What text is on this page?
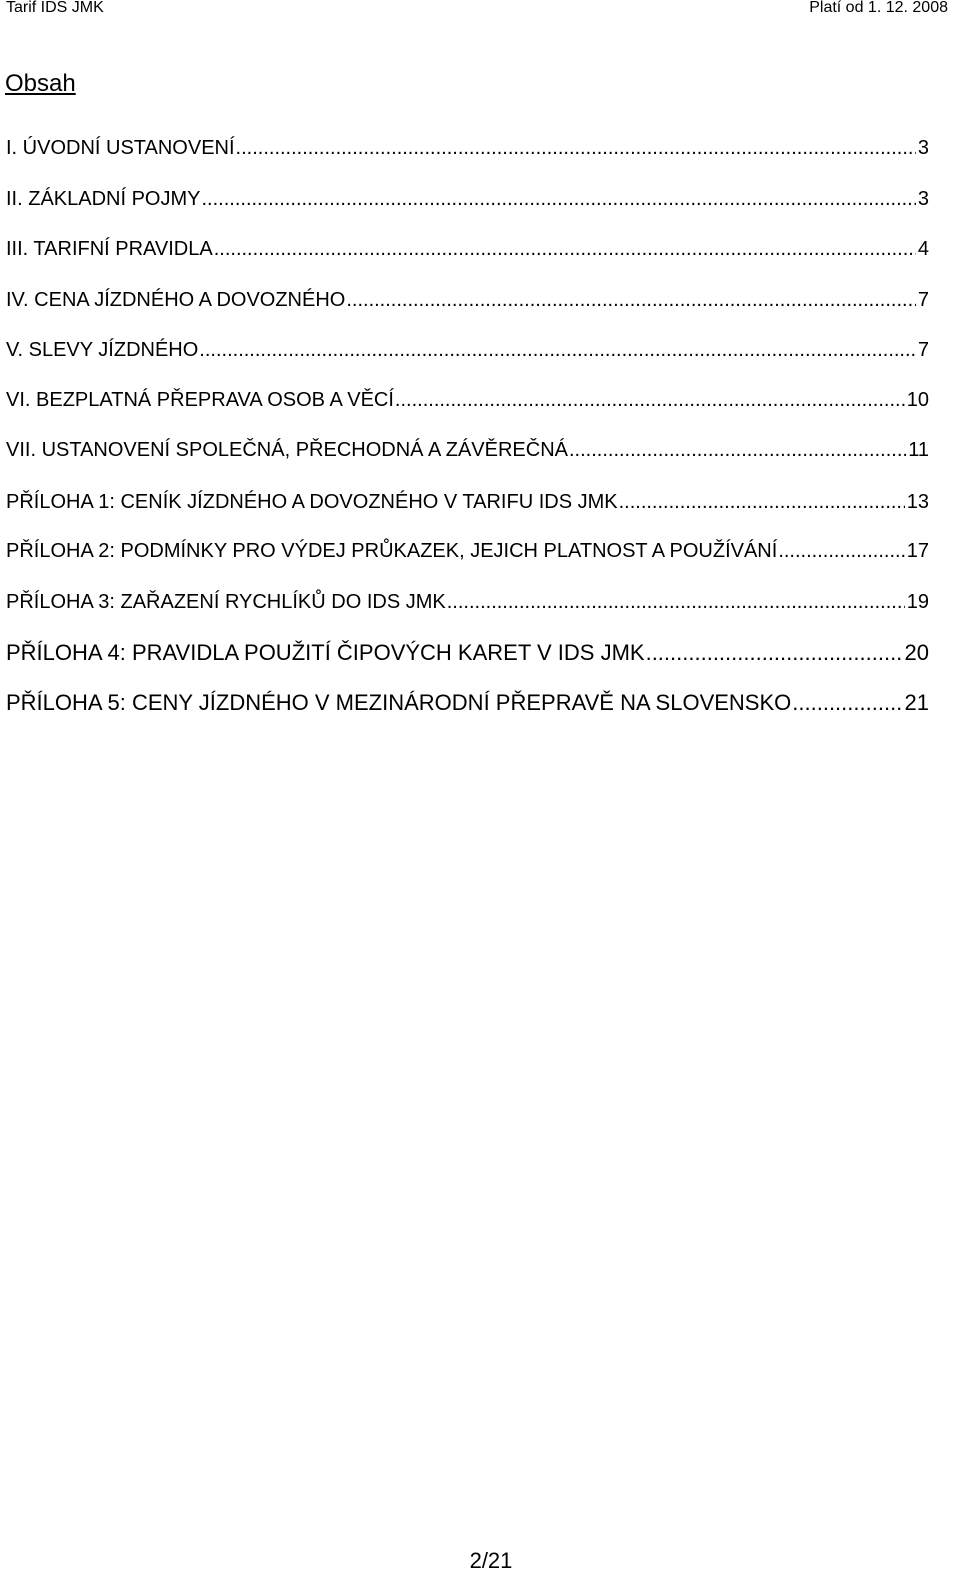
Tarif IDS JMK	Platí od 1. 12. 2008
Obsah
I. ÚVODNÍ USTANOVENÍ .....	3
II. ZÁKLADNÍ POJMY .....	3
III. TARIFNÍ PRAVIDLA .....	4
IV. CENA JÍZDNÉHO A DOVOZNÉHO .....	7
V. SLEVY JÍZDNÉHO .....	7
VI. BEZPLATNÁ PŘEPRAVA OSOB A VĚCÍ .....	10
VII. USTANOVENÍ SPOLEČNÁ, PŘECHODNÁ A ZÁVĚREČNÁ .....	11
PŘÍLOHA 1: CENÍK JÍZDNÉHO A DOVOZNÉHO V TARIFU IDS JMK .....	13
PŘÍLOHA 2: PODMÍNKY PRO VÝDEJ PRŮKAZEK, JEJICH PLATNOST A POUŽÍVÁNÍ .....	17
PŘÍLOHA 3: ZAŘAZENÍ RYCHLÍKŮ DO IDS JMK .....	19
PŘÍLOHA 4: PRAVIDLA POUŽITÍ ČIPOVÝCH KARET V IDS JMK .....	20
PŘÍLOHA 5: CENY JÍZDNÉHO V MEZINÁRODNÍ PŘEPRAVĚ NA SLOVENSKO .....	21
2/21
